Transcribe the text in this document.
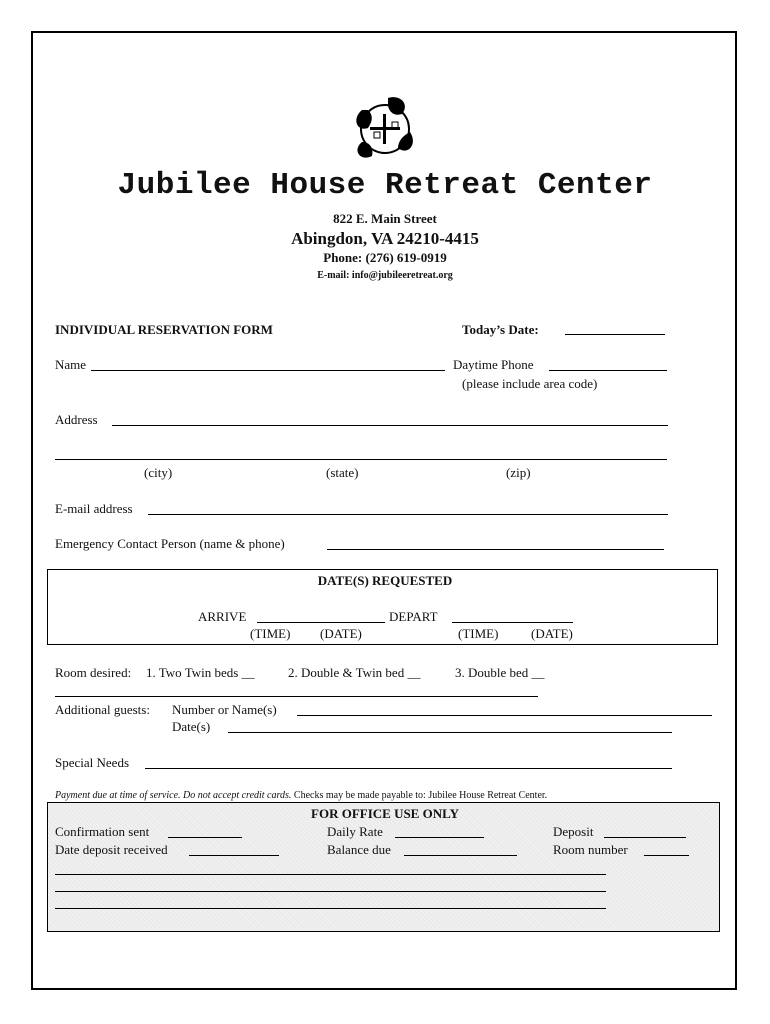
Jubilee House Retreat Center
822 E. Main Street
Abingdon, VA 24210-4415
Phone: (276) 619-0919
E-mail: info@jubileeretreat.org
INDIVIDUAL RESERVATION FORM	Today’s Date:
Name	Daytime Phone
(please include area code)
Address
(city)	(state)	(zip)
E-mail address
Emergency Contact Person (name & phone)
DATE(S) REQUESTED
ARRIVE	DEPART
(TIME) (DATE)	(TIME)	(DATE)
Room desired: 1. Two Twin beds __	2. Double & Twin bed __	3. Double bed __
Additional guests: Number or Name(s)
Date(s)
Special Needs
Payment due at time of service. Do not accept credit cards. Checks may be made payable to: Jubilee House Retreat Center.
FOR OFFICE USE ONLY
Confirmation sent	Daily Rate	Deposit
Date deposit received	Balance due	Room number
